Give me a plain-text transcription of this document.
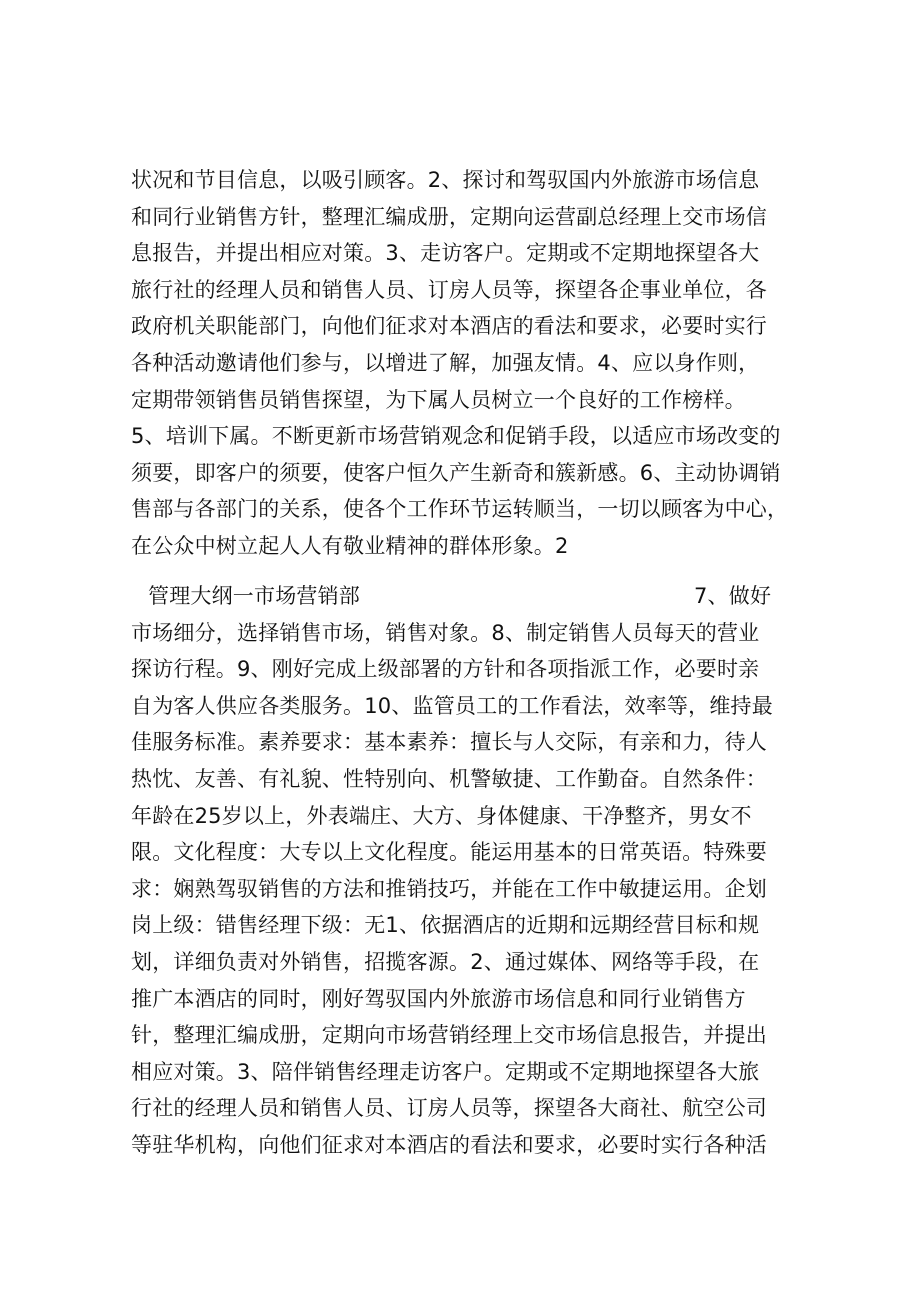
状况和节目信息，以吸引顾客。2、探讨和驾驭国内外旅游市场信息
和同行业销售方针，整理汇编成册，定期向运营副总经理上交市场信
息报告，并提出相应对策。3、走访客户。定期或不定期地探望各大
旅行社的经理人员和销售人员、订房人员等，探望各企事业单位，各
政府机关职能部门，向他们征求对本酒店的看法和要求，必要时实行
各种活动邀请他们参与，以增进了解，加强友情。4、应以身作则，
定期带领销售员销售探望，为下属人员树立一个良好的工作榜样。
5、培训下属。不断更新市场营销观念和促销手段，以适应市场改变的
须要，即客户的须要，使客户恒久产生新奇和簇新感。6、主动协调销
售部与各部门的关系，使各个工作环节运转顺当，一切以顾客为中心，
在公众中树立起人人有敬业精神的群体形象。2
管理大纲一市场营销部	7、做好
市场细分，选择销售市场，销售对象。8、制定销售人员每天的营业
探访行程。9、刚好完成上级部署的方针和各项指派工作，必要时亲
自为客人供应各类服务。10、监管员工的工作看法，效率等，维持最
佳服务标准。素养要求：基本素养：擅长与人交际，有亲和力，待人
热忱、友善、有礼貌、性特别向、机警敏捷、工作勤奋。自然条件：
年龄在25岁以上，外表端庄、大方、身体健康、干净整齐，男女不
限。文化程度：大专以上文化程度。能运用基本的日常英语。特殊要
求：娴熟驾驭销售的方法和推销技巧，并能在工作中敏捷运用。企划
岗上级：错售经理下级：无1、依据酒店的近期和远期经营目标和规
划，详细负责对外销售，招揽客源。2、通过媒体、网络等手段，在
推广本酒店的同时，刚好驾驭国内外旅游市场信息和同行业销售方
针，整理汇编成册，定期向市场营销经理上交市场信息报告，并提出
相应对策。3、陪伴销售经理走访客户。定期或不定期地探望各大旅
行社的经理人员和销售人员、订房人员等，探望各大商社、航空公司
等驻华机构，向他们征求对本酒店的看法和要求，必要时实行各种活
